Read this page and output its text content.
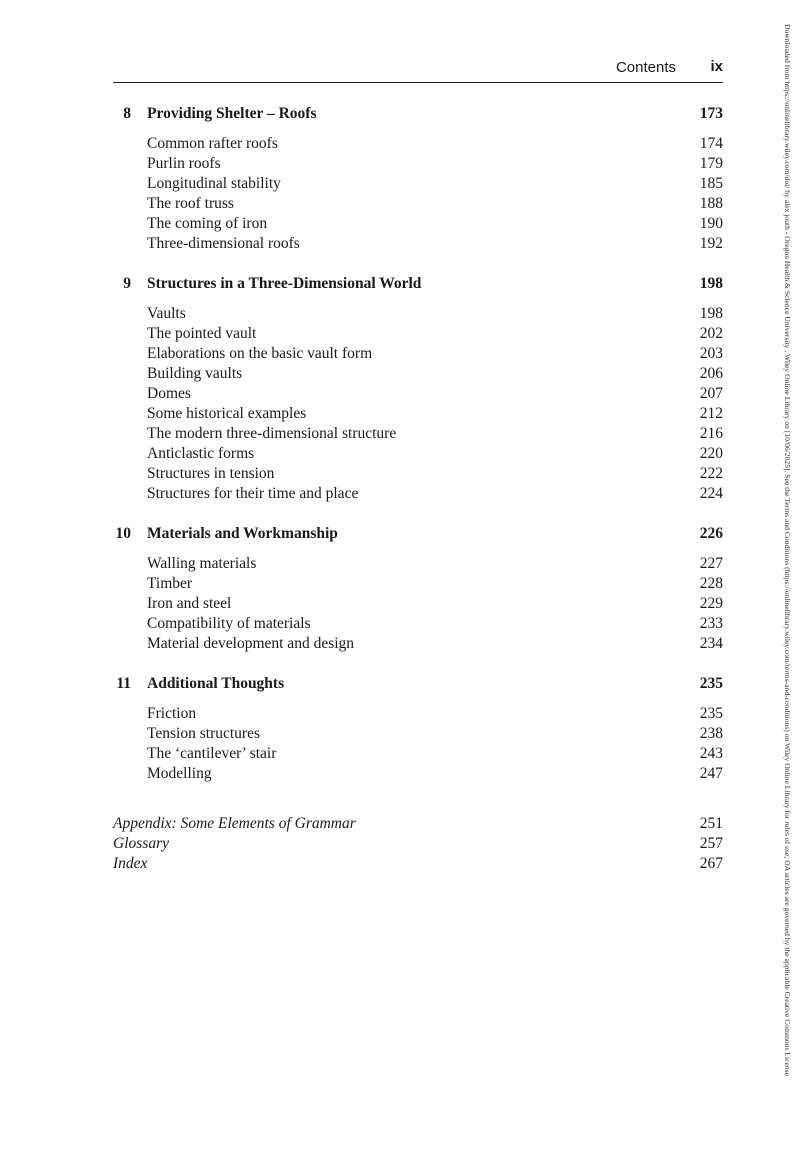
Contents ix
8 Providing Shelter – Roofs	173
Common rafter roofs	174
Purlin roofs	179
Longitudinal stability	185
The roof truss	188
The coming of iron	190
Three-dimensional roofs	192
9 Structures in a Three-Dimensional World	198
Vaults	198
The pointed vault	202
Elaborations on the basic vault form	203
Building vaults	206
Domes	207
Some historical examples	212
The modern three-dimensional structure	216
Anticlastic forms	220
Structures in tension	222
Structures for their time and place	224
10 Materials and Workmanship	226
Walling materials	227
Timber	228
Iron and steel	229
Compatibility of materials	233
Material development and design	234
11 Additional Thoughts	235
Friction	235
Tension structures	238
The ‘cantilever’ stair	243
Modelling	247
Appendix: Some Elements of Grammar	251
Glossary	257
Index	267	Downloaded from https://onlinelibrary.wiley.com/doi/ by alex jouth - Oregon Health & Science University , Wiley Online Library on [10/06/2025]. See the Terms and Conditions (https://onlinelibrary.wiley.com/terms-and-conditions) on Wiley Online Library for rules of use; OA articles are governed by the applicable Creative Commons License
